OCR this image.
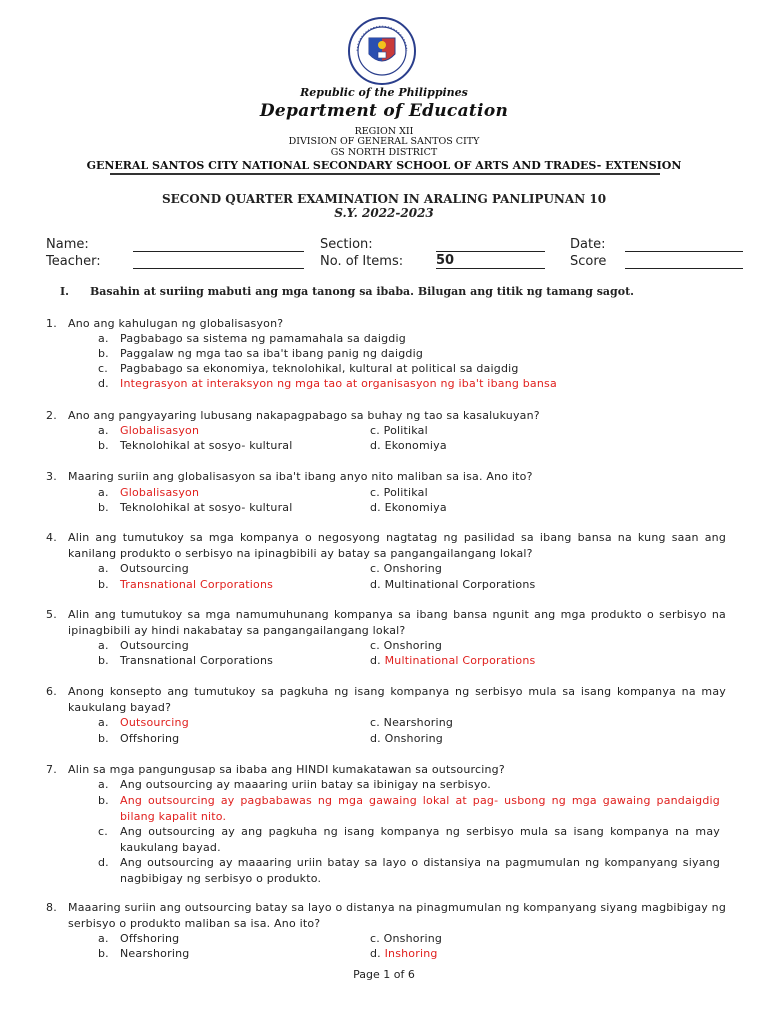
Republic of the Philippines
Department of Education
REGION XII
DIVISION OF GENERAL SANTOS CITY
GS NORTH DISTRICT
GENERAL SANTOS CITY NATIONAL SECONDARY SCHOOL OF ARTS AND TRADES- EXTENSION
SECOND QUARTER EXAMINATION IN ARALING PANLIPUNAN 10
S.Y. 2022-2023
Name:	Section:	Date:
Teacher:	No. of Items:	50	Score
I. Basahin at suriing mabuti ang mga tanong sa ibaba. Bilugan ang titik ng tamang sagot.
1.	Ano ang kahulugan ng globalisasyon?
a. Pagbabago sa sistema ng pamamahala sa daigdig
b. Paggalaw ng mga tao sa iba't ibang panig ng daigdig
c. Pagbabago sa ekonomiya, teknolohikal, kultural at political sa daigdig
d. Integrasyon at interaksyon ng mga tao at organisasyon ng iba't ibang bansa
2.	Ano ang pangyayaring lubusang nakapagpabago sa buhay ng tao sa kasalukuyan?
a. Globalisasyon	c. Politikal
b. Teknolohikal at sosyo- kultural	d. Ekonomiya
3.	Maaring suriin ang globalisasyon sa iba't ibang anyo nito maliban sa isa. Ano ito?
a. Globalisasyon	c. Politikal
b. Teknolohikal at sosyo- kultural	d. Ekonomiya
4.	Alin ang tumutukoy sa mga kompanya o negosyong nagtatag ng pasilidad sa ibang bansa na kung saan ang kanilang produkto o serbisyo na ipinagbibili ay batay sa pangangailangang lokal?
a. Outsourcing	c. Onshoring
b. Transnational Corporations	d. Multinational Corporations
5.	Alin ang tumutukoy sa mga namumuhunang kompanya sa ibang bansa ngunit ang mga produkto o serbisyo na ipinagbibili ay hindi nakabatay sa pangangailangang lokal?
a. Outsourcing	c. Onshoring
b. Transnational Corporations	d. Multinational Corporations
6.	Anong konsepto ang tumutukoy sa pagkuha ng isang kompanya ng serbisyo mula sa isang kompanya na may kaukulang bayad?
a. Outsourcing	c. Nearshoring
b. Offshoring	d. Onshoring
7.	Alin sa mga pangungusap sa ibaba ang HINDI kumakatawan sa outsourcing?
a. Ang outsourcing ay maaaring uriin batay sa ibinigay na serbisyo.
b. Ang outsourcing ay pagbabawas ng mga gawaing lokal at pag- usbong ng mga gawaing pandaigdig bilang kapalit nito.
c. Ang outsourcing ay ang pagkuha ng isang kompanya ng serbisyo mula sa isang kompanya na may kaukulang bayad.
d. Ang outsourcing ay maaaring uriin batay sa layo o distansiya na pagmumulan ng kompanyang siyang nagbibigay ng serbisyo o produkto.
8.	Maaaring suriin ang outsourcing batay sa layo o distanya na pinagmumulan ng kompanyang siyang magbibigay ng serbisyo o produkto maliban sa isa. Ano ito?
a. Offshoring	c. Onshoring
b. Nearshoring	d. Inshoring
Page 1 of 6
